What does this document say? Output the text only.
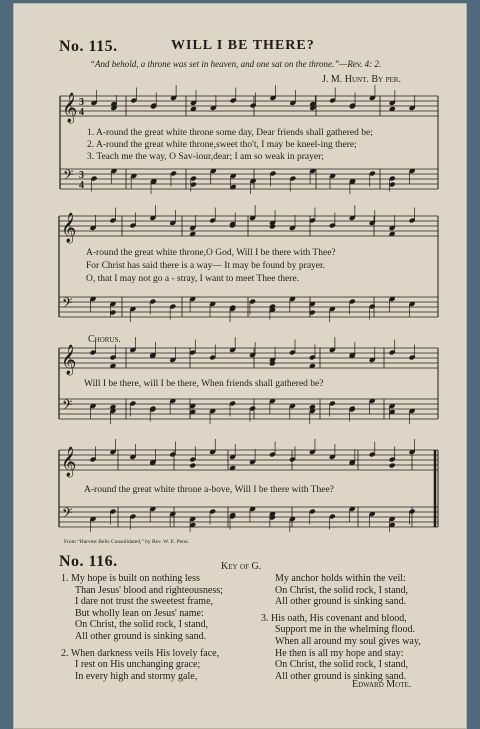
No. 115.	WILL I BE THERE?
“And behold, a throne was set in heaven, and one sat on the throne.”—Rev. 4: 2.
J. M. Hunt. By per.
𝄞
𝄢
3
4
3
4
𝄞
𝄢
𝄞
𝄢
𝄞
𝄢
1. A-round the great white throne some day, Dear friends shall gathered be;
2. A-round the great white throne,sweet tho't, I may be kneel-ing there;
3. Teach me the way, O Sav-iour,dear; I am so weak in prayer;
A-round the great white throne,O God, Will I be there with Thee?
For Christ has said there is a way— It may be found by prayer.
O, that I may not go a - stray, I want to meet Thee there.
Chorus.
Will I be there, will I be there, When friends shall gathered be?
A-round the great white throne a-bove, Will I be there with Thee?
From “Harvest Bells Consolidated,” by Rev. W. E. Penn.
No. 116.	Key of G.
1. My hope is built on nothing less
Than Jesus' blood and righteousness;
I dare not trust the sweetest frame,
But wholly lean on Jesus' name:
On Christ, the solid rock, I stand,
All other ground is sinking sand.
2. When darkness veils His lovely face,
I rest on His unchanging grace;
In every high and stormy gale,
My anchor holds within the veil:
On Christ, the solid rock, I stand,
All other ground is sinking sand.
3. His oath, His covenant and blood,
Support me in the whelming flood.
When all around my soul gives way,
He then is all my hope and stay:
On Christ, the solid rock, I stand,
All other ground is sinking sand.
Edward Mote.
